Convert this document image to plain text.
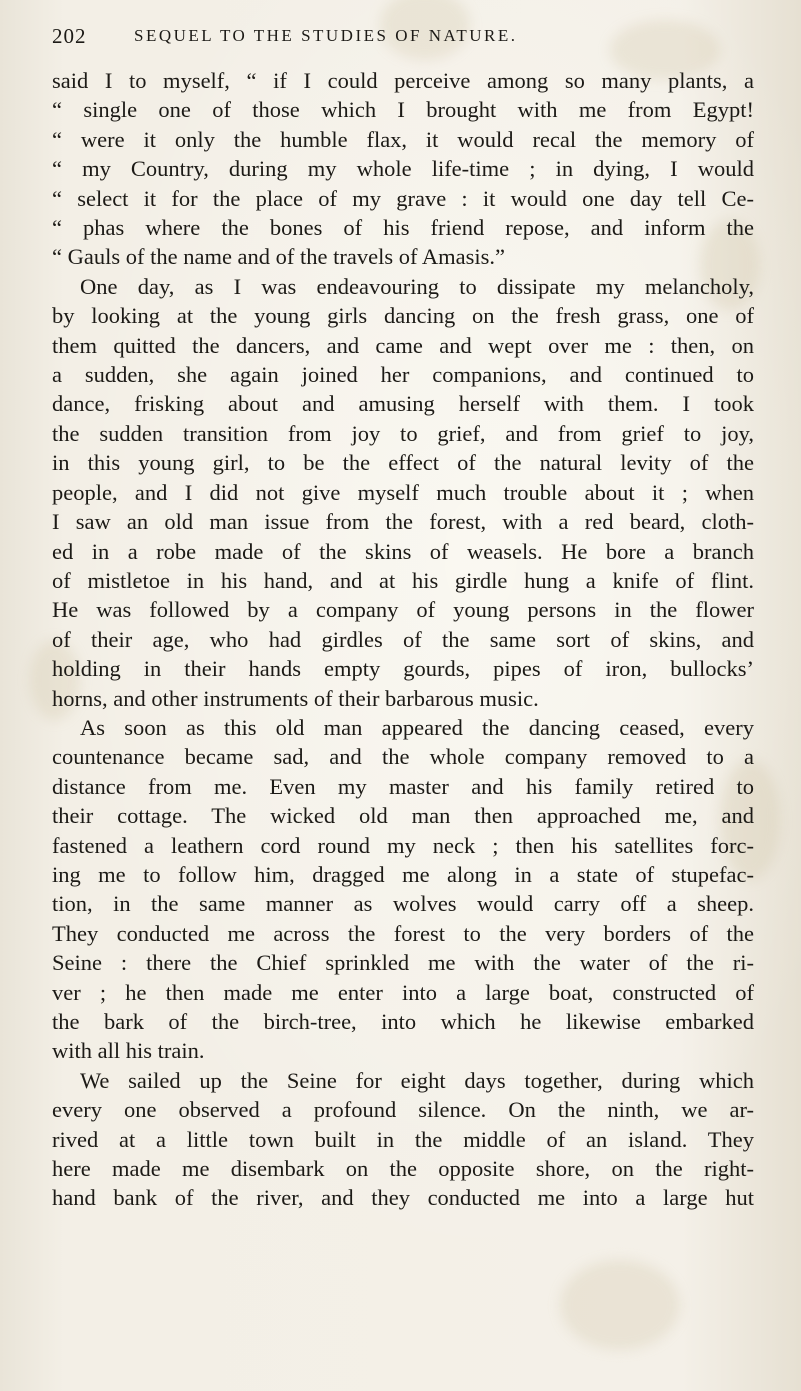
202	SEQUEL TO THE STUDIES OF NATURE.
said I to myself, “ if I could perceive among so many plants, a
“ single one of those which I brought with me from Egypt!
“ were it only the humble flax, it would recal the memory of
“ my Country, during my whole life-time ; in dying, I would
“ select it for the place of my grave : it would one day tell Ce-
“ phas where the bones of his friend repose, and inform the
“ Gauls of the name and of the travels of Amasis.”
One day, as I was endeavouring to dissipate my melancholy,
by looking at the young girls dancing on the fresh grass, one of
them quitted the dancers, and came and wept over me : then, on
a sudden, she again joined her companions, and continued to
dance, frisking about and amusing herself with them. I took
the sudden transition from joy to grief, and from grief to joy,
in this young girl, to be the effect of the natural levity of the
people, and I did not give myself much trouble about it ; when
I saw an old man issue from the forest, with a red beard, cloth-
ed in a robe made of the skins of weasels. He bore a branch
of mistletoe in his hand, and at his girdle hung a knife of flint.
He was followed by a company of young persons in the flower
of their age, who had girdles of the same sort of skins, and
holding in their hands empty gourds, pipes of iron, bullocks’
horns, and other instruments of their barbarous music.
As soon as this old man appeared the dancing ceased, every
countenance became sad, and the whole company removed to a
distance from me. Even my master and his family retired to
their cottage. The wicked old man then approached me, and
fastened a leathern cord round my neck ; then his satellites forc-
ing me to follow him, dragged me along in a state of stupefac-
tion, in the same manner as wolves would carry off a sheep.
They conducted me across the forest to the very borders of the
Seine : there the Chief sprinkled me with the water of the ri-
ver ; he then made me enter into a large boat, constructed of
the bark of the birch-tree, into which he likewise embarked
with all his train.
We sailed up the Seine for eight days together, during which
every one observed a profound silence. On the ninth, we ar-
rived at a little town built in the middle of an island. They
here made me disembark on the opposite shore, on the right-
hand bank of the river, and they conducted me into a large hut
